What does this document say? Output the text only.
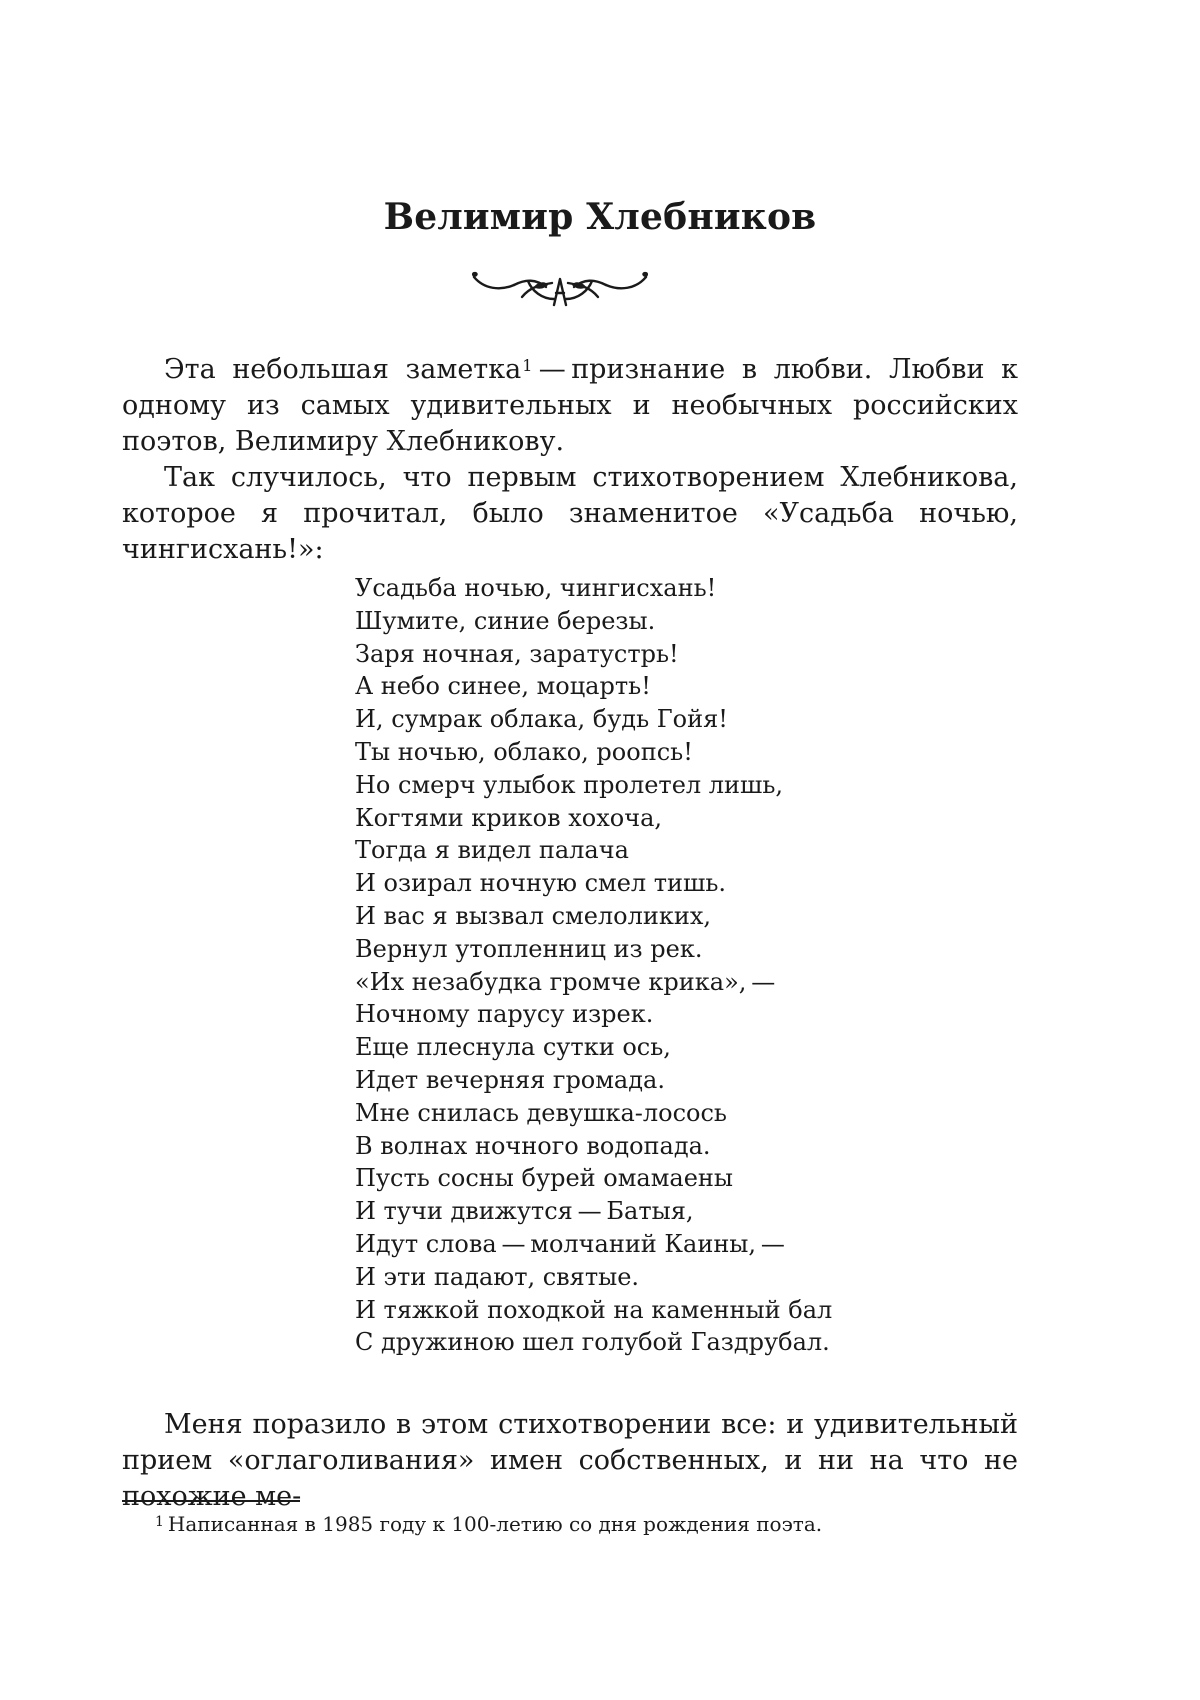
Велимир Хлебников

Эта небольшая заметка$^1$ — признание в любви. Любви к одному из самых удивительных и необычных российских поэтов, Велимиру Хлебникову.

Так случилось, что первым стихотворением Хлебникова, которое я прочитал, было знаменитое «Усадьба ночью, чингисхань!»:

Усадьба ночью, чингисхань!
Шумите, синие березы.
Заря ночная, заратустрь!
А небо синее, моцарть!
И, сумрак облака, будь Гойя!
Ты ночью, облако, роопсь!
Но смерч улыбок пролетел лишь,
Когтями криков хохоча,
Тогда я видел палача
И озирал ночную смел тишь.
И вас я вызвал смелоликих,
Вернул утопленниц из рек.
«Их незабудка громче крика», —
Ночному парусу изрек.
Еще плеснула сутки ось,
Идет вечерняя громада.
Мне снилась девушка-лосось
В волнах ночного водопада.
Пусть сосны бурей омамаены
И тучи движутся — Батыя,
Идут слова — молчаний Каины, —
И эти падают, святые.
И тяжкой походкой на каменный бал
С дружиною шел голубой Газдрубал.

Меня поразило в этом стихотворении все: и удивительный прием «оглаголивания» имен собственных, и ни на что не похожие ме-

$^1$ Написанная в 1985 году к 100-летию со дня рождения поэта.
